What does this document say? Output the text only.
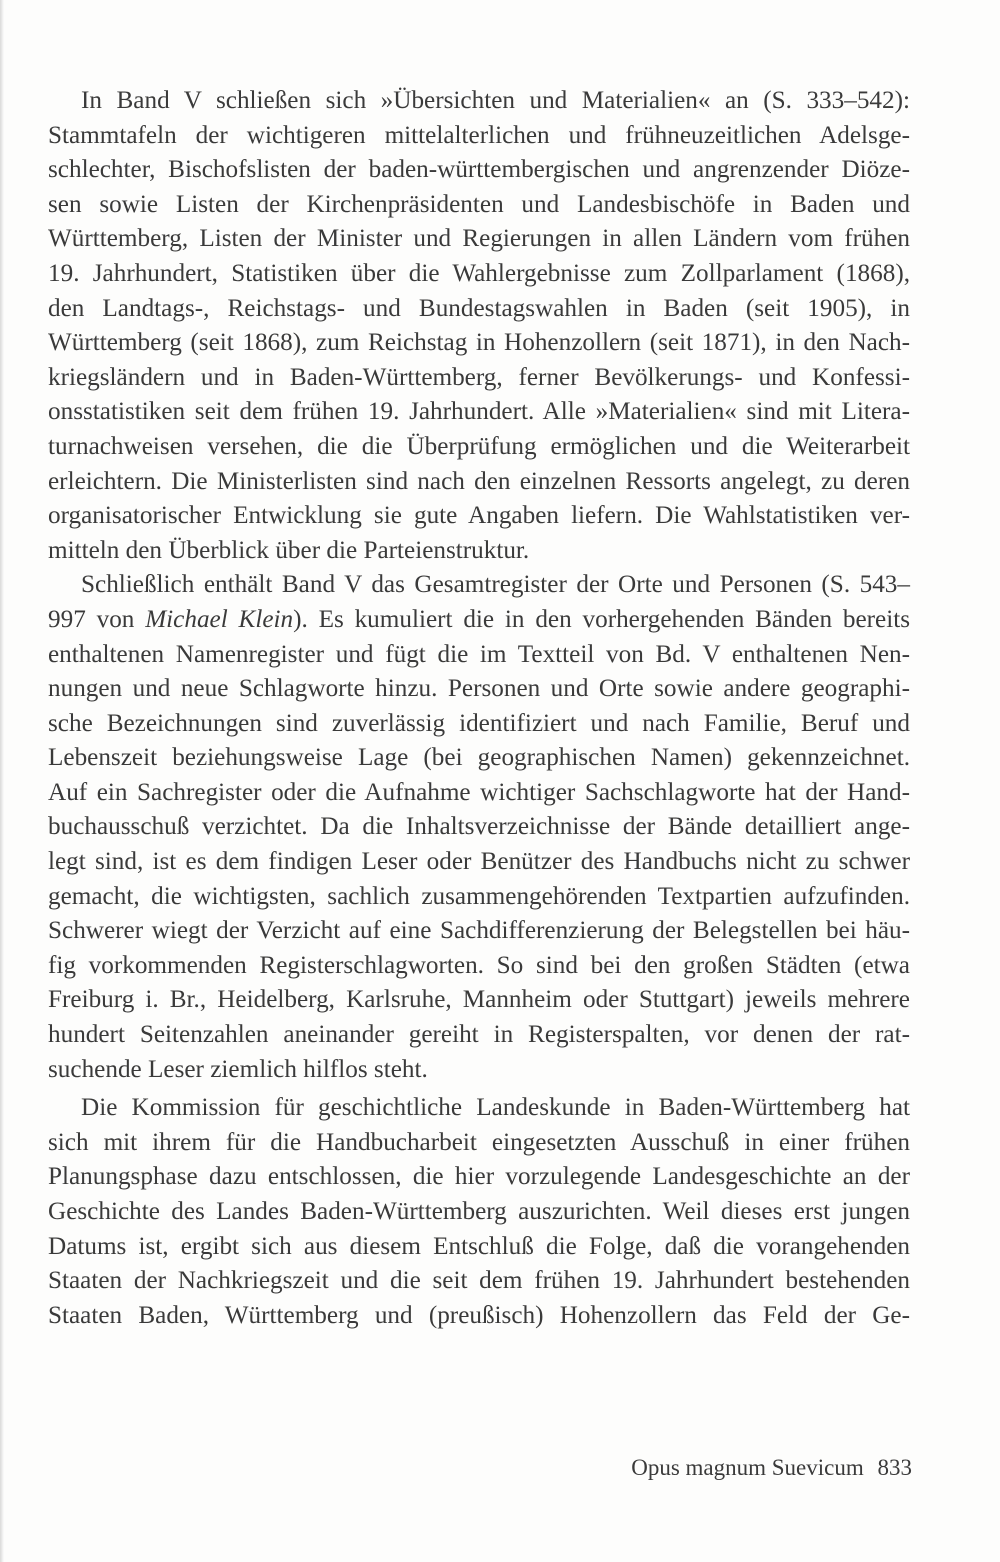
In Band V schließen sich »Übersichten und Materialien« an (S. 333–542):
Stammtafeln der wichtigeren mittelalterlichen und frühneuzeitlichen Adelsge-
schlechter, Bischofslisten der baden-württembergischen und angrenzender Diöze-
sen sowie Listen der Kirchenpräsidenten und Landesbischöfe in Baden und
Württemberg, Listen der Minister und Regierungen in allen Ländern vom frühen
19. Jahrhundert, Statistiken über die Wahlergebnisse zum Zollparlament (1868),
den Landtags-, Reichstags- und Bundestagswahlen in Baden (seit 1905), in
Württemberg (seit 1868), zum Reichstag in Hohenzollern (seit 1871), in den Nach-
kriegsländern und in Baden-Württemberg, ferner Bevölkerungs- und Konfessi-
onsstatistiken seit dem frühen 19. Jahrhundert. Alle »Materialien« sind mit Litera-
turnachweisen versehen, die die Überprüfung ermöglichen und die Weiterarbeit
erleichtern. Die Ministerlisten sind nach den einzelnen Ressorts angelegt, zu deren
organisatorischer Entwicklung sie gute Angaben liefern. Die Wahlstatistiken ver-
mitteln den Überblick über die Parteienstruktur.
Schließlich enthält Band V das Gesamtregister der Orte und Personen (S. 543–
997 von Michael Klein). Es kumuliert die in den vorhergehenden Bänden bereits
enthaltenen Namenregister und fügt die im Textteil von Bd. V enthaltenen Nen-
nungen und neue Schlagworte hinzu. Personen und Orte sowie andere geographi-
sche Bezeichnungen sind zuverlässig identifiziert und nach Familie, Beruf und
Lebenszeit beziehungsweise Lage (bei geographischen Namen) gekennzeichnet.
Auf ein Sachregister oder die Aufnahme wichtiger Sachschlagworte hat der Hand-
buchausschuß verzichtet. Da die Inhaltsverzeichnisse der Bände detailliert ange-
legt sind, ist es dem findigen Leser oder Benützer des Handbuchs nicht zu schwer
gemacht, die wichtigsten, sachlich zusammengehörenden Textpartien aufzufinden.
Schwerer wiegt der Verzicht auf eine Sachdifferenzierung der Belegstellen bei häu-
fig vorkommenden Registerschlagworten. So sind bei den großen Städten (etwa
Freiburg i. Br., Heidelberg, Karlsruhe, Mannheim oder Stuttgart) jeweils mehrere
hundert Seitenzahlen aneinander gereiht in Registerspalten, vor denen der rat-
suchende Leser ziemlich hilflos steht.
Die Kommission für geschichtliche Landeskunde in Baden-Württemberg hat
sich mit ihrem für die Handbucharbeit eingesetzten Ausschuß in einer frühen
Planungsphase dazu entschlossen, die hier vorzulegende Landesgeschichte an der
Geschichte des Landes Baden-Württemberg auszurichten. Weil dieses erst jungen
Datums ist, ergibt sich aus diesem Entschluß die Folge, daß die vorangehenden
Staaten der Nachkriegszeit und die seit dem frühen 19. Jahrhundert bestehenden
Staaten Baden, Württemberg und (preußisch) Hohenzollern das Feld der Ge-
Opus magnum Suevicum 833
